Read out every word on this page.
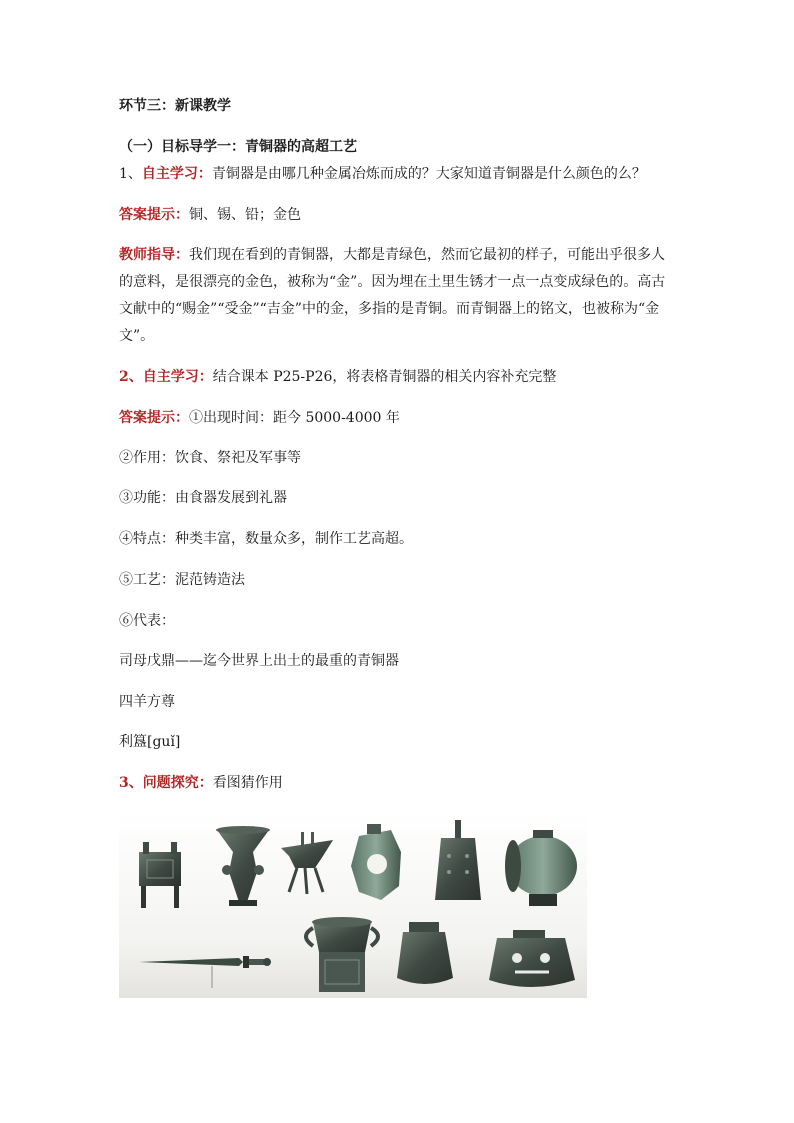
环节三：新课教学
（一）目标导学一：青铜器的高超工艺
1、自主学习：青铜器是由哪几种金属冶炼而成的？大家知道青铜器是什么颜色的么？
答案提示：铜、锡、铅；金色
教师指导：我们现在看到的青铜器，大都是青绿色，然而它最初的样子，可能出乎很多人的意料，是很漂亮的金色，被称为“金”。因为埋在土里生锈才一点一点变成绿色的。高古文献中的“赐金”“受金”“吉金”中的金，多指的是青铜。而青铜器上的铭文，也被称为“金文”。
2、自主学习：结合课本 P25-P26，将表格青铜器的相关内容补充完整
答案提示：①出现时间：距今 5000-4000 年
②作用：饮食、祭祀及军事等
③功能：由食器发展到礼器
④特点：种类丰富，数量众多，制作工艺高超。
⑤工艺：泥范铸造法
⑥代表：
司母戊鼎——迄今世界上出土的最重的青铜器
四羊方尊
利簋[guǐ]
3、问题探究：看图猜作用
